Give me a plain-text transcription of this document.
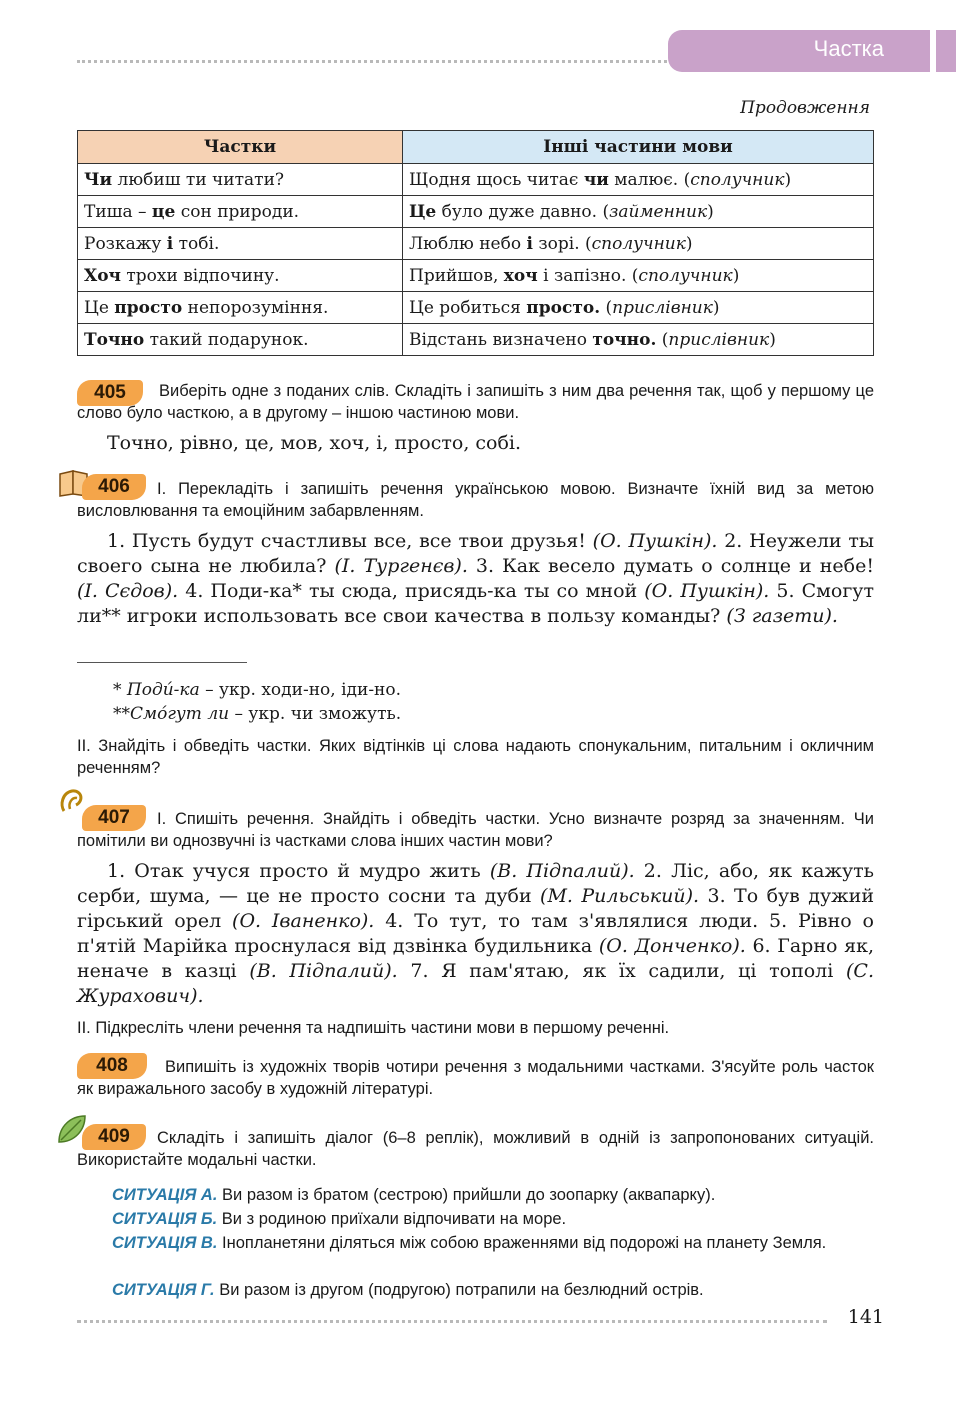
Частка
Продовження
Частки	Інші частини мови
Чи любиш ти читати?	Щодня щось читає чи малює. (сполучник)
Тиша – це сон природи.	Це було дуже давно. (займенник)
Розкажу і тобі.	Люблю небо і зорі. (сполучник)
Хоч трохи відпочину.	Прийшов, хоч і запізно. (сполучник)
Це просто непорозуміння.	Це робиться просто. (прислівник)
Точно такий подарунок.	Відстань визначено точно. (прислівник)
405	Виберіть одне з поданих слів. Складіть і запишіть з ним два речення так, щоб у першому це слово було часткою, а в другому – іншою частиною мови.
Точно, рівно, це, мов, хоч, і, просто, собі.
406	І. Перекладіть і запишіть речення українською мовою. Визначте їхній вид за метою висловлювання та емоційним забарвленням.
1. Пусть будут счастливы все, все твои друзья! (О. Пушкін). 2. Неужели ты своего сына не любила? (І. Тургенєв). 3. Как весело думать о солнце и небе! (І. Сєдов). 4. Поди-ка* ты сюда, присядь-ка ты со мной (О. Пушкін). 5. Смогут ли** игроки использовать все свои качества в пользу команды? (З газети).
* Поди́-ка – укр. ходи-но, іди-но.
**Смо́гут ли – укр. чи зможуть.
ІІ. Знайдіть і обведіть частки. Яких відтінків ці слова надають спонукальним, питальним і окличним реченням?
407	І. Спишіть речення. Знайдіть і обведіть частки. Усно визначте розряд за значенням. Чи помітили ви однозвучні із частками слова інших частин мови?
1. Отак учуся просто й мудро жить (В. Підпалий). 2. Ліс, або, як кажуть серби, шума, — це не просто сосни та дуби (М. Рильський). 3. То був дужий гірський орел (О. Іваненко). 4. То тут, то там з'являлися люди. 5. Рівно о п'ятій Марійка проснулася від дзвінка будильника (О. Донченко). 6. Гарно як, неначе в казці (В. Підпалий). 7. Я пам'ятаю, як їх садили, ці тополі (С. Журахович).
ІІ. Підкресліть члени речення та надпишіть частини мови в першому реченні.
408	Випишіть із художніх творів чотири речення з модальними частками. З'ясуйте роль часток як виражального засобу в художній літературі.
409	Складіть і запишіть діалог (6–8 реплік), можливий в одній із запропонованих ситуацій. Використайте модальні частки.
СИТУАЦІЯ А. Ви разом із братом (сестрою) прийшли до зоопарку (аквапарку).
СИТУАЦІЯ Б. Ви з родиною приїхали відпочивати на море.
СИТУАЦІЯ В. Інопланетяни діляться між собою враженнями від подорожі на планету Земля.
СИТУАЦІЯ Г. Ви разом із другом (подругою) потрапили на безлюдний острів.
141
